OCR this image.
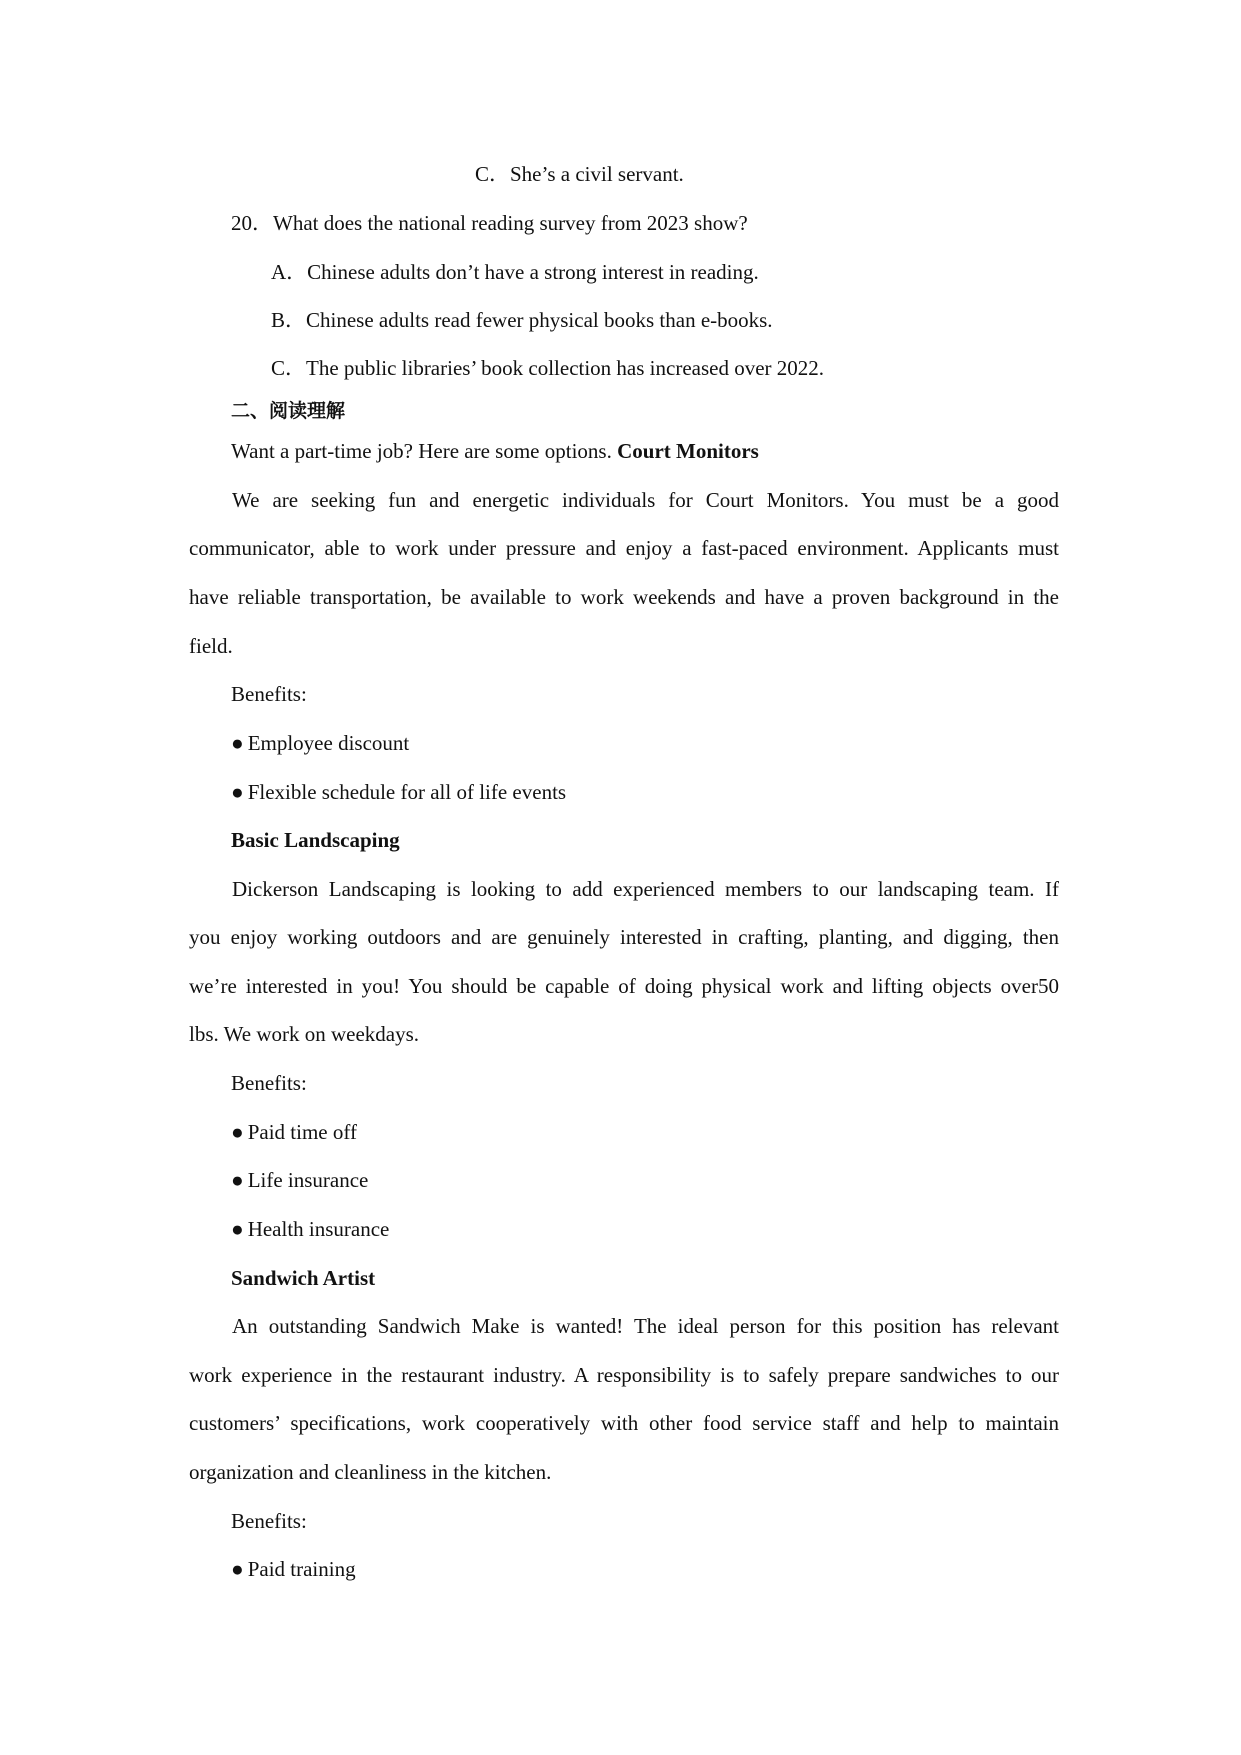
C．She’s a civil servant.

20．What does the national reading survey from 2023 show?

A．Chinese adults don’t have a strong interest in reading.

B．Chinese adults read fewer physical books than e-books.

C．The public libraries’ book collection has increased over 2022.

二、阅读理解

Want a part-time job? Here are some options. Court Monitors

We are seeking fun and energetic individuals for Court Monitors. You must be a good

communicator, able to work under pressure and enjoy a fast-paced environment. Applicants must

have reliable transportation, be available to work weekends and have a proven background in the

field.

Benefits:

● Employee discount

● Flexible schedule for all of life events

Basic Landscaping

Dickerson Landscaping is looking to add experienced members to our landscaping team. If

you enjoy working outdoors and are genuinely interested in crafting, planting, and digging, then

we’re interested in you! You should be capable of doing physical work and lifting objects over50

lbs. We work on weekdays.

Benefits:

● Paid time off

● Life insurance

● Health insurance

Sandwich Artist

An outstanding Sandwich Make is wanted! The ideal person for this position has relevant

work experience in the restaurant industry. A responsibility is to safely prepare sandwiches to our

customers’ specifications, work cooperatively with other food service staff and help to maintain

organization and cleanliness in the kitchen.

Benefits:

● Paid training
